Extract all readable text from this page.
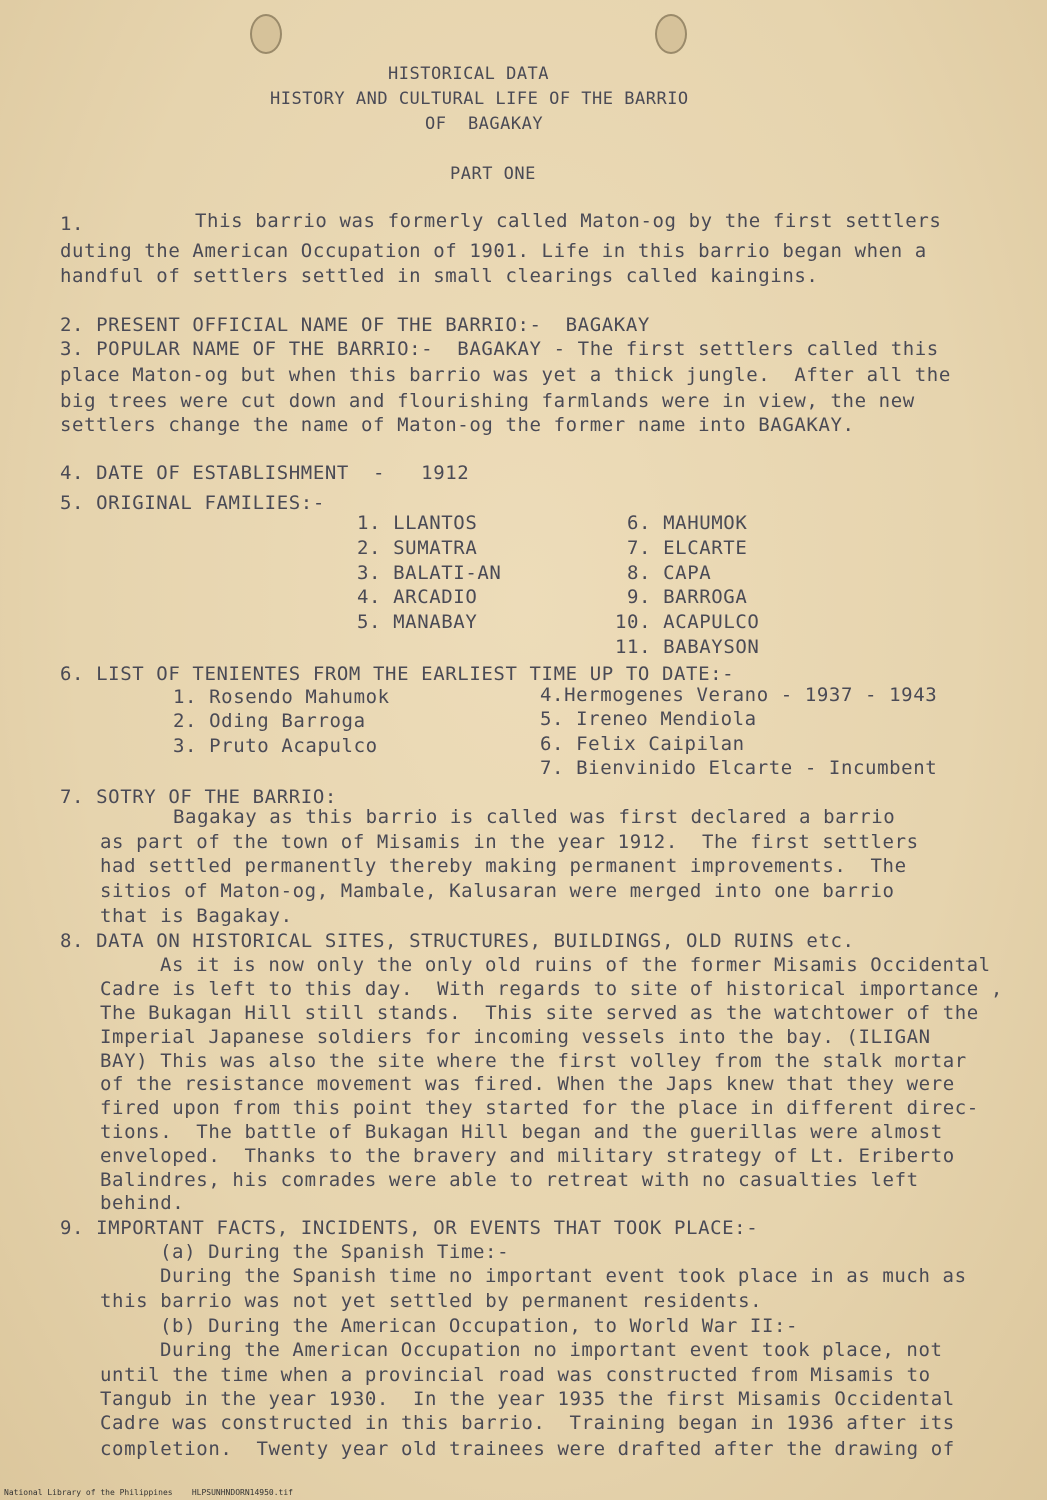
HISTORICAL DATA
HISTORY AND CULTURAL LIFE OF THE BARRIO
OF  BAGAKAY
PART ONE
1.	This barrio was formerly called Maton-og by the first settlers
duting the American Occupation of 1901. Life in this barrio began when a
handful of settlers settled in small clearings called kaingins.
2. PRESENT OFFICIAL NAME OF THE BARRIO:-  BAGAKAY
3. POPULAR NAME OF THE BARRIO:-  BAGAKAY - The first settlers called this
place Maton-og but when this barrio was yet a thick jungle.  After all the
big trees were cut down and flourishing farmlands were in view, the new
settlers change the name of Maton-og the former name into BAGAKAY.
4. DATE OF ESTABLISHMENT  -   1912
5. ORIGINAL FAMILIES:-
1. LLANTOS
2. SUMATRA
3. BALATI-AN
4. ARCADIO
5. MANABAY
6. MAHUMOK
7. ELCARTE
8. CAPA
9. BARROGA
10. ACAPULCO
11. BABAYSON
6. LIST OF TENIENTES FROM THE EARLIEST TIME UP TO DATE:-
1. Rosendo Mahumok
2. Oding Barroga
3. Pruto Acapulco
4.Hermogenes Verano - 1937 - 1943
5. Ireneo Mendiola
6. Felix Caipilan
7. Bienvinido Elcarte - Incumbent
7. SOTRY OF THE BARRIO:
Bagakay as this barrio is called was first declared a barrio
as part of the town of Misamis in the year 1912.  The first settlers
had settled permanently thereby making permanent improvements.  The
sitios of Maton-og, Mambale, Kalusaran were merged into one barrio
that is Bagakay.
8. DATA ON HISTORICAL SITES, STRUCTURES, BUILDINGS, OLD RUINS etc.
As it is now only the only old ruins of the former Misamis Occidental
Cadre is left to this day.  With regards to site of historical importance ,
The Bukagan Hill still stands.  This site served as the watchtower of the
Imperial Japanese soldiers for incoming vessels into the bay. (ILIGAN
BAY) This was also the site where the first volley from the stalk mortar
of the resistance movement was fired. When the Japs knew that they were
fired upon from this point they started for the place in different direc-
tions.  The battle of Bukagan Hill began and the guerillas were almost
enveloped.  Thanks to the bravery and military strategy of Lt. Eriberto
Balindres, his comrades were able to retreat with no casualties left
behind.
9. IMPORTANT FACTS, INCIDENTS, OR EVENTS THAT TOOK PLACE:-
(a) During the Spanish Time:-
During the Spanish time no important event took place in as much as
this barrio was not yet settled by permanent residents.
(b) During the American Occupation, to World War II:-
During the American Occupation no important event took place, not
until the time when a provincial road was constructed from Misamis to
Tangub in the year 1930.  In the year 1935 the first Misamis Occidental
Cadre was constructed in this barrio.  Training began in 1936 after its
completion.  Twenty year old trainees were drafted after the drawing of
National Library of the Philippines    HLPSUNHNDORN14950.tif
